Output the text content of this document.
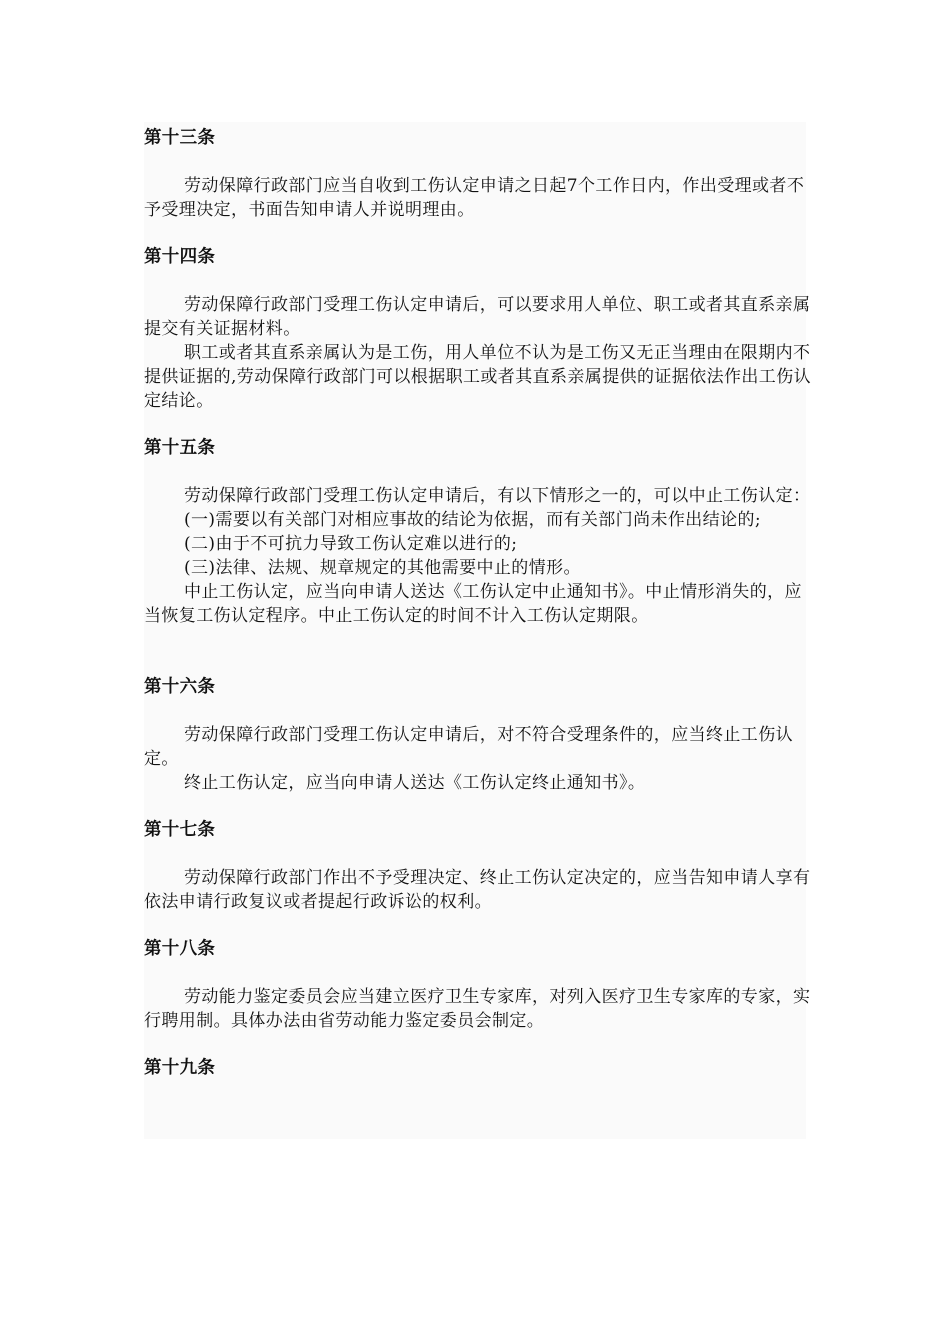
第十三条

劳动保障行政部门应当自收到工伤认定申请之日起7个工作日内，作出受理或者不予受理决定，书面告知申请人并说明理由。

第十四条

劳动保障行政部门受理工伤认定申请后，可以要求用人单位、职工或者其直系亲属提交有关证据材料。

职工或者其直系亲属认为是工伤，用人单位不认为是工伤又无正当理由在限期内不提供证据的,劳动保障行政部门可以根据职工或者其直系亲属提供的证据依法作出工伤认定结论。

第十五条

劳动保障行政部门受理工伤认定申请后，有以下情形之一的，可以中止工伤认定：

(一)需要以有关部门对相应事故的结论为依据，而有关部门尚未作出结论的;

(二)由于不可抗力导致工伤认定难以进行的;

(三)法律、法规、规章规定的其他需要中止的情形。

中止工伤认定，应当向申请人送达《工伤认定中止通知书》。中止情形消失的，应当恢复工伤认定程序。中止工伤认定的时间不计入工伤认定期限。

第十六条

劳动保障行政部门受理工伤认定申请后，对不符合受理条件的，应当终止工伤认定。

终止工伤认定，应当向申请人送达《工伤认定终止通知书》。

第十七条

劳动保障行政部门作出不予受理决定、终止工伤认定决定的，应当告知申请人享有依法申请行政复议或者提起行政诉讼的权利。

第十八条

劳动能力鉴定委员会应当建立医疗卫生专家库，对列入医疗卫生专家库的专家，实行聘用制。具体办法由省劳动能力鉴定委员会制定。

第十九条
